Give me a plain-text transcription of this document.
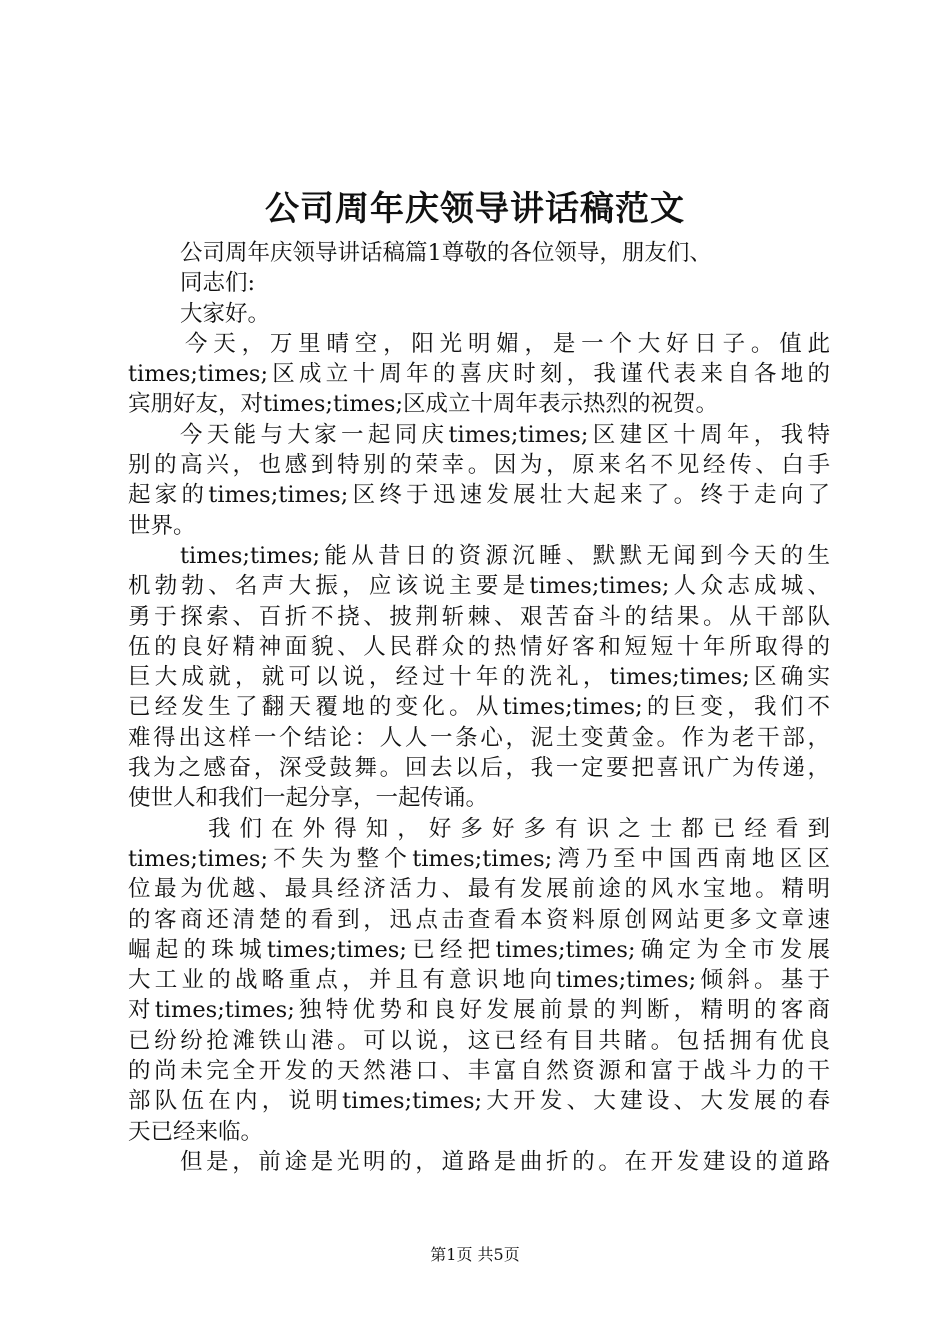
公司周年庆领导讲话稿范文
公司周年庆领导讲话稿篇1尊敬的各位领导，朋友们、
同志们:
大家好。
今天，万里晴空，阳光明媚，是一个大好日子。值此
times;times;区成立十周年的喜庆时刻，我谨代表来自各地的
宾朋好友，对times;times;区成立十周年表示热烈的祝贺。
今天能与大家一起同庆times;times;区建区十周年，我特
别的高兴，也感到特别的荣幸。因为，原来名不见经传、白手
起家的times;times;区终于迅速发展壮大起来了。终于走向了
世界。
times;times;能从昔日的资源沉睡、默默无闻到今天的生
机勃勃、名声大振，应该说主要是times;times;人众志成城、
勇于探索、百折不挠、披荆斩棘、艰苦奋斗的结果。从干部队
伍的良好精神面貌、人民群众的热情好客和短短十年所取得的
巨大成就，就可以说，经过十年的洗礼，times;times;区确实
已经发生了翻天覆地的变化。从times;times;的巨变，我们不
难得出这样一个结论：人人一条心，泥土变黄金。作为老干部，
我为之感奋，深受鼓舞。回去以后，我一定要把喜讯广为传递，
使世人和我们一起分享，一起传诵。
我们在外得知，好多好多有识之士都已经看到
times;times;不失为整个times;times;湾乃至中国西南地区区
位最为优越、最具经济活力、最有发展前途的风水宝地。精明
的客商还清楚的看到，迅点击查看本资料原创网站更多文章速
崛起的珠城times;times;已经把times;times;确定为全市发展
大工业的战略重点，并且有意识地向times;times;倾斜。基于
对times;times;独特优势和良好发展前景的判断，精明的客商
已纷纷抢滩铁山港。可以说，这已经有目共睹。包括拥有优良
的尚未完全开发的天然港口、丰富自然资源和富于战斗力的干
部队伍在内，说明times;times;大开发、大建设、大发展的春
天已经来临。
但是，前途是光明的，道路是曲折的。在开发建设的道路
第1页 共5页
